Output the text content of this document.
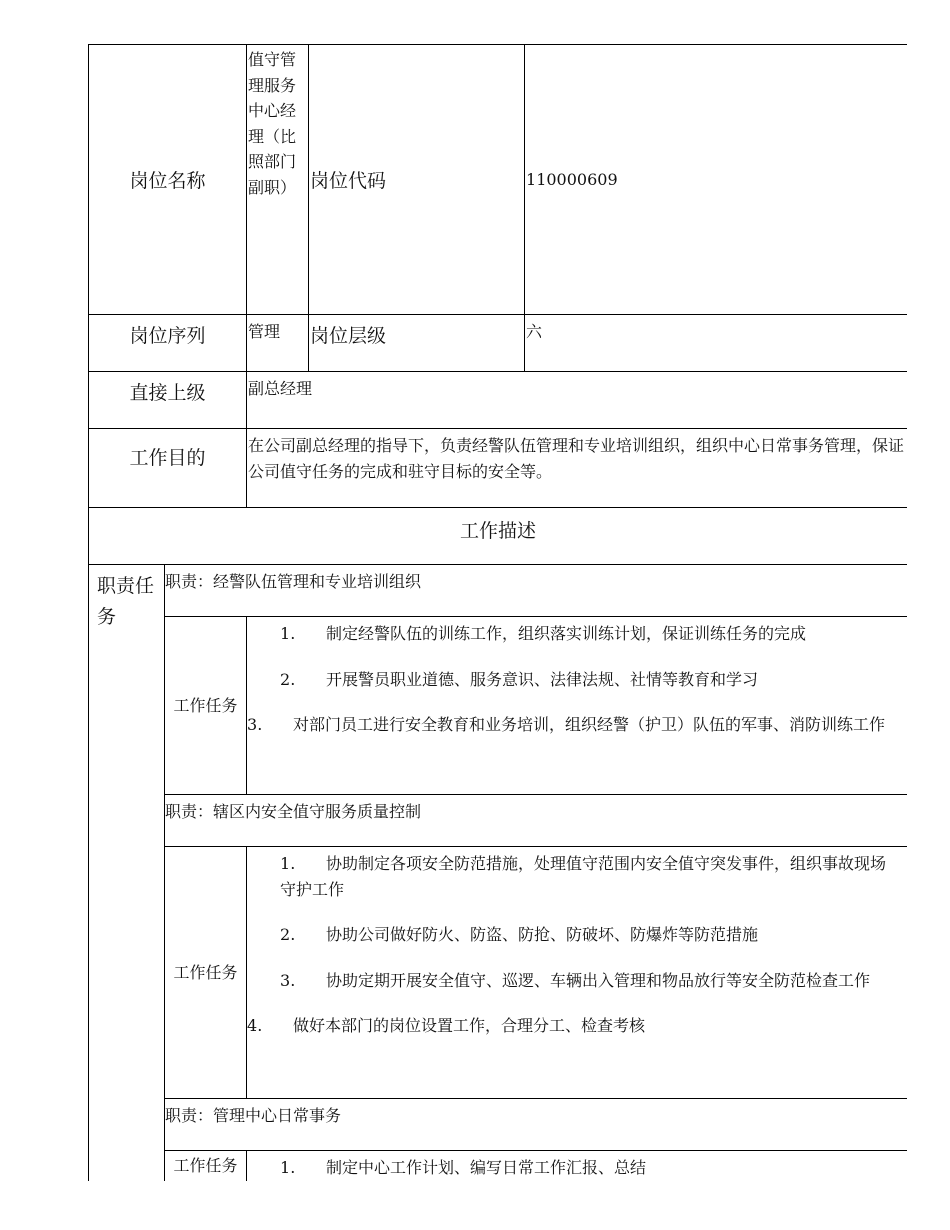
岗位名称		值守管理服务中心经理（比照部门副职）	岗位代码	110000609
岗位序列		管理	岗位层级	六
直接上级		副总经理		
工作目的		在公司副总经理的指导下，负责经警队伍管理和专业培训组织，组织中心日常事务管理，保证公司值守任务的完成和驻守目标的安全等。		
工作描述				
职责任务	职责：经警队伍管理和专业培训组织			
	工作任务	1. 制定经警队伍的训练工作，组织落实训练计划，保证训练任务的完成
2. 开展警员职业道德、服务意识、法律法规、社情等教育和学习
3. 对部门员工进行安全教育和业务培训，组织经警（护卫）队伍的军事、消防训练工作		

	职责：辖区内安全值守服务质量控制			
	工作任务	1. 协助制定各项安全防范措施，处理值守范围内安全值守突发事件，组织事故现场守护工作
2. 协助公司做好防火、防盗、防抢、防破坏、防爆炸等防范措施
3. 协助定期开展安全值守、巡逻、车辆出入管理和物品放行等安全防范检查工作
4. 做好本部门的岗位设置工作，合理分工、检查考核		

	职责：管理中心日常事务			
	工作任务	1. 制定中心工作计划、编写日常工作汇报、总结		
